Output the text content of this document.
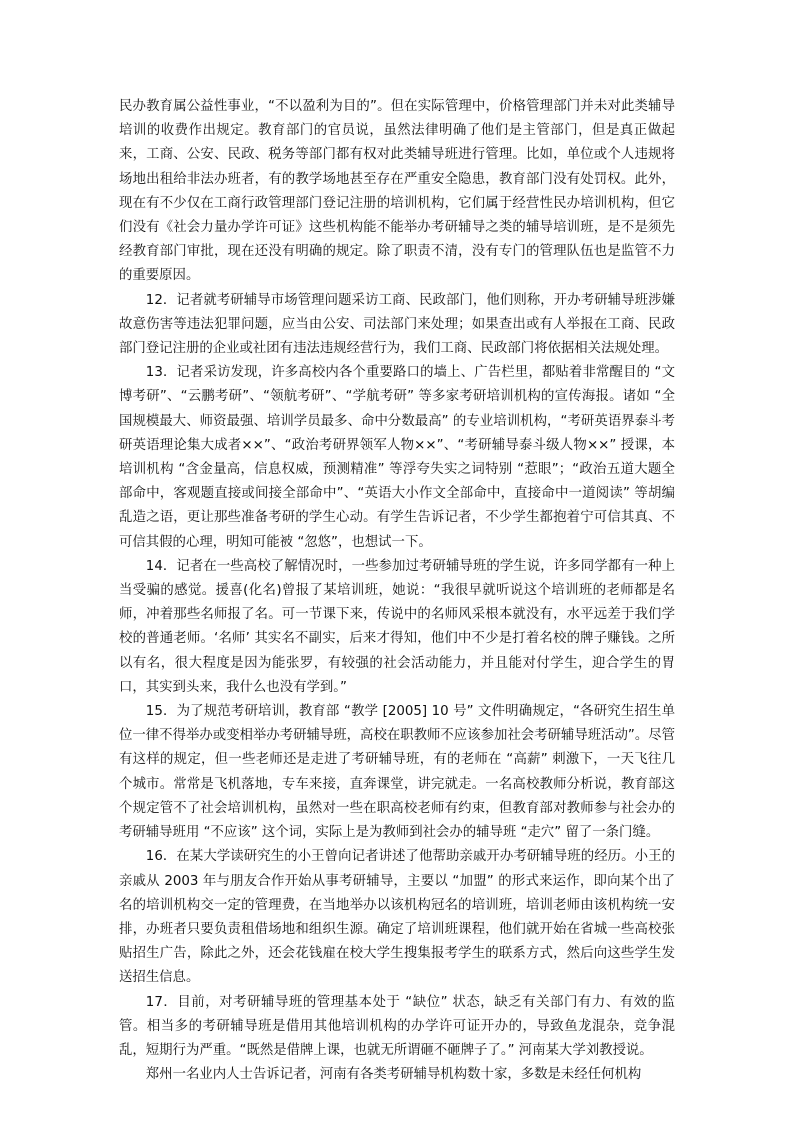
民办教育属公益性事业，“不以盈利为目的”。但在实际管理中，价格管理部门并未对此类辅导培训的收费作出规定。教育部门的官员说，虽然法律明确了他们是主管部门，但是真正做起来，工商、公安、民政、税务等部门都有权对此类辅导班进行管理。比如，单位或个人违规将场地出租给非法办班者，有的教学场地甚至存在严重安全隐患，教育部门没有处罚权。此外，现在有不少仅在工商行政管理部门登记注册的培训机构，它们属于经营性民办培训机构，但它们没有《社会力量办学许可证》这些机构能不能举办考研辅导之类的辅导培训班，是不是须先经教育部门审批，现在还没有明确的规定。除了职责不清，没有专门的管理队伍也是监管不力的重要原因。

12．记者就考研辅导市场管理问题采访工商、民政部门，他们则称，开办考研辅导班涉嫌故意伤害等违法犯罪问题，应当由公安、司法部门来处理；如果查出或有人举报在工商、民政部门登记注册的企业或社团有违法违规经营行为，我们工商、民政部门将依据相关法规处理。

13．记者采访发现，许多高校内各个重要路口的墙上、广告栏里，都贴着非常醒目的 “文博考研”、“云鹏考研”、“领航考研”、“学航考研” 等多家考研培训机构的宣传海报。诸如 “全国规模最大、师资最强、培训学员最多、命中分数最高” 的专业培训机构，“考研英语界泰斗考研英语理论集大成者××”、“政治考研界领军人物××”、“考研辅导泰斗级人物××” 授课，本培训机构 “含金量高，信息权威，预测精准” 等浮夸失实之词特别 “惹眼”；“政治五道大题全部命中，客观题直接或间接全部命中”、“英语大小作文全部命中，直接命中一道阅读” 等胡编乱造之语，更让那些准备考研的学生心动。有学生告诉记者，不少学生都抱着宁可信其真、不可信其假的心理，明知可能被 “忽悠”，也想试一下。

14．记者在一些高校了解情况时，一些参加过考研辅导班的学生说，许多同学都有一种上当受骗的感觉。援喜(化名)曾报了某培训班，她说：“我很早就听说这个培训班的老师都是名师，冲着那些名师报了名。可一节课下来，传说中的名师风采根本就没有，水平远差于我们学校的普通老师。‘名师’ 其实名不副实，后来才得知，他们中不少是打着名校的牌子赚钱。之所以有名，很大程度是因为能张罗，有较强的社会活动能力，并且能对付学生，迎合学生的胃口，其实到头来，我什么也没有学到。”

15．为了规范考研培训，教育部 “教学 [2005] 10 号” 文件明确规定，“各研究生招生单位一律不得举办或变相举办考研辅导班，高校在职教师不应该参加社会考研辅导班活动”。尽管有这样的规定，但一些老师还是走进了考研辅导班，有的老师在 “高薪” 刺激下，一天飞往几个城市。常常是飞机落地，专车来接，直奔课堂，讲完就走。一名高校教师分析说，教育部这个规定管不了社会培训机构，虽然对一些在职高校老师有约束，但教育部对教师参与社会办的考研辅导班用 “不应该” 这个词，实际上是为教师到社会办的辅导班 “走穴” 留了一条门缝。

16．在某大学读研究生的小王曾向记者讲述了他帮助亲戚开办考研辅导班的经历。小王的亲戚从 2003 年与朋友合作开始从事考研辅导，主要以 “加盟” 的形式来运作，即向某个出了名的培训机构交一定的管理费，在当地举办以该机构冠名的培训班，培训老师由该机构统一安排，办班者只要负责租借场地和组织生源。确定了培训班课程，他们就开始在省城一些高校张贴招生广告，除此之外，还会花钱雇在校大学生搜集报考学生的联系方式，然后向这些学生发送招生信息。

17．目前，对考研辅导班的管理基本处于 “缺位” 状态，缺乏有关部门有力、有效的监管。相当多的考研辅导班是借用其他培训机构的办学许可证开办的，导致鱼龙混杂，竞争混乱，短期行为严重。“既然是借牌上课，也就无所谓砸不砸牌子了。” 河南某大学刘教授说。

郑州一名业内人士告诉记者，河南有各类考研辅导机构数十家，多数是未经任何机构
